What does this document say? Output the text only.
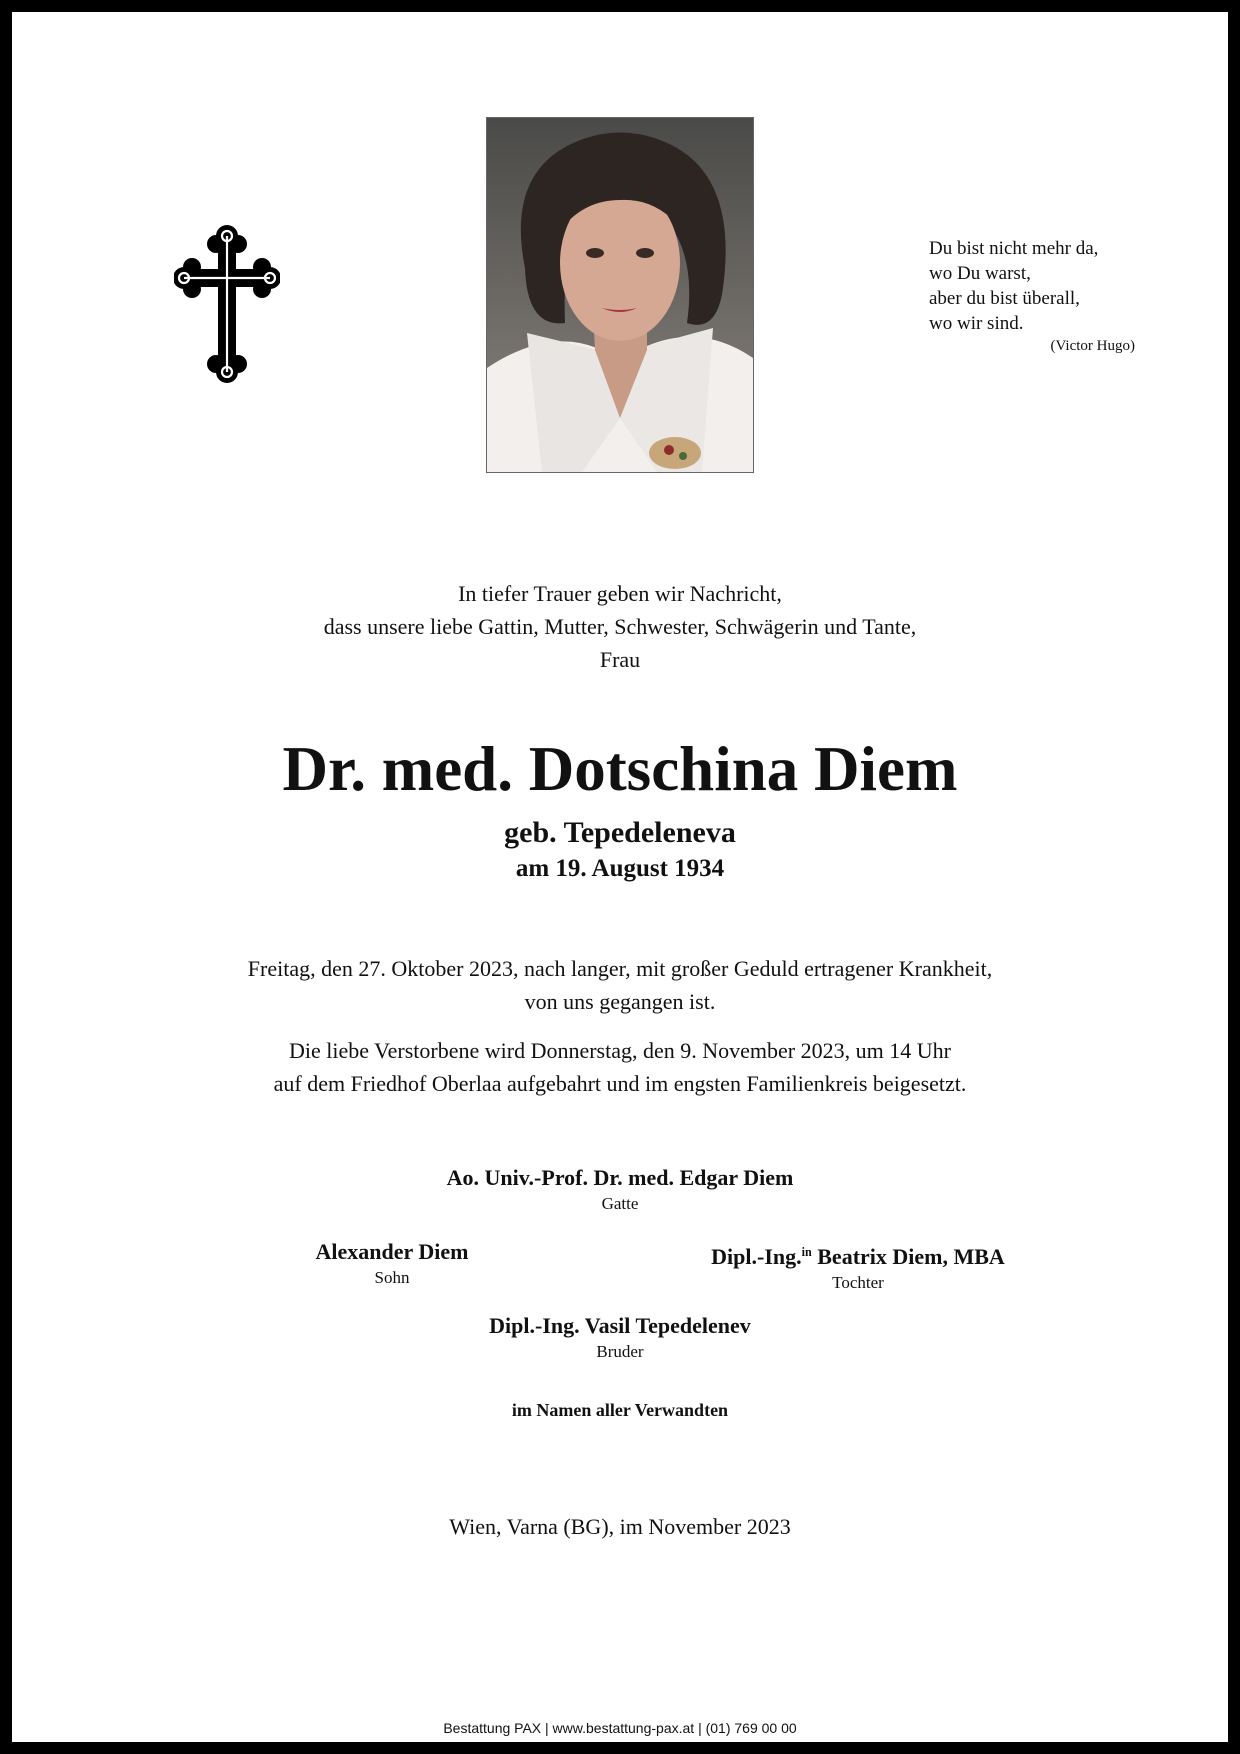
Du bist nicht mehr da,
wo Du warst,
aber du bist überall,
wo wir sind.
(Victor Hugo)
In tiefer Trauer geben wir Nachricht,
dass unsere liebe Gattin, Mutter, Schwester, Schwägerin und Tante,
Frau
Dr. med. Dotschina Diem
geb. Tepedeleneva
am 19. August 1934
Freitag, den 27. Oktober 2023, nach langer, mit großer Geduld ertragener Krankheit,
von uns gegangen ist.
Die liebe Verstorbene wird Donnerstag, den 9. November 2023, um 14 Uhr
auf dem Friedhof Oberlaa aufgebahrt und im engsten Familienkreis beigesetzt.
Ao. Univ.-Prof. Dr. med. Edgar Diem
Gatte
Alexander Diem
Sohn
Dipl.-Ing.$^{in}$ Beatrix Diem, MBA
Tochter
Dipl.-Ing. Vasil Tepedelenev
Bruder
im Namen aller Verwandten
Wien, Varna (BG), im November 2023
Bestattung PAX | www.bestattung-pax.at | (01) 769 00 00
